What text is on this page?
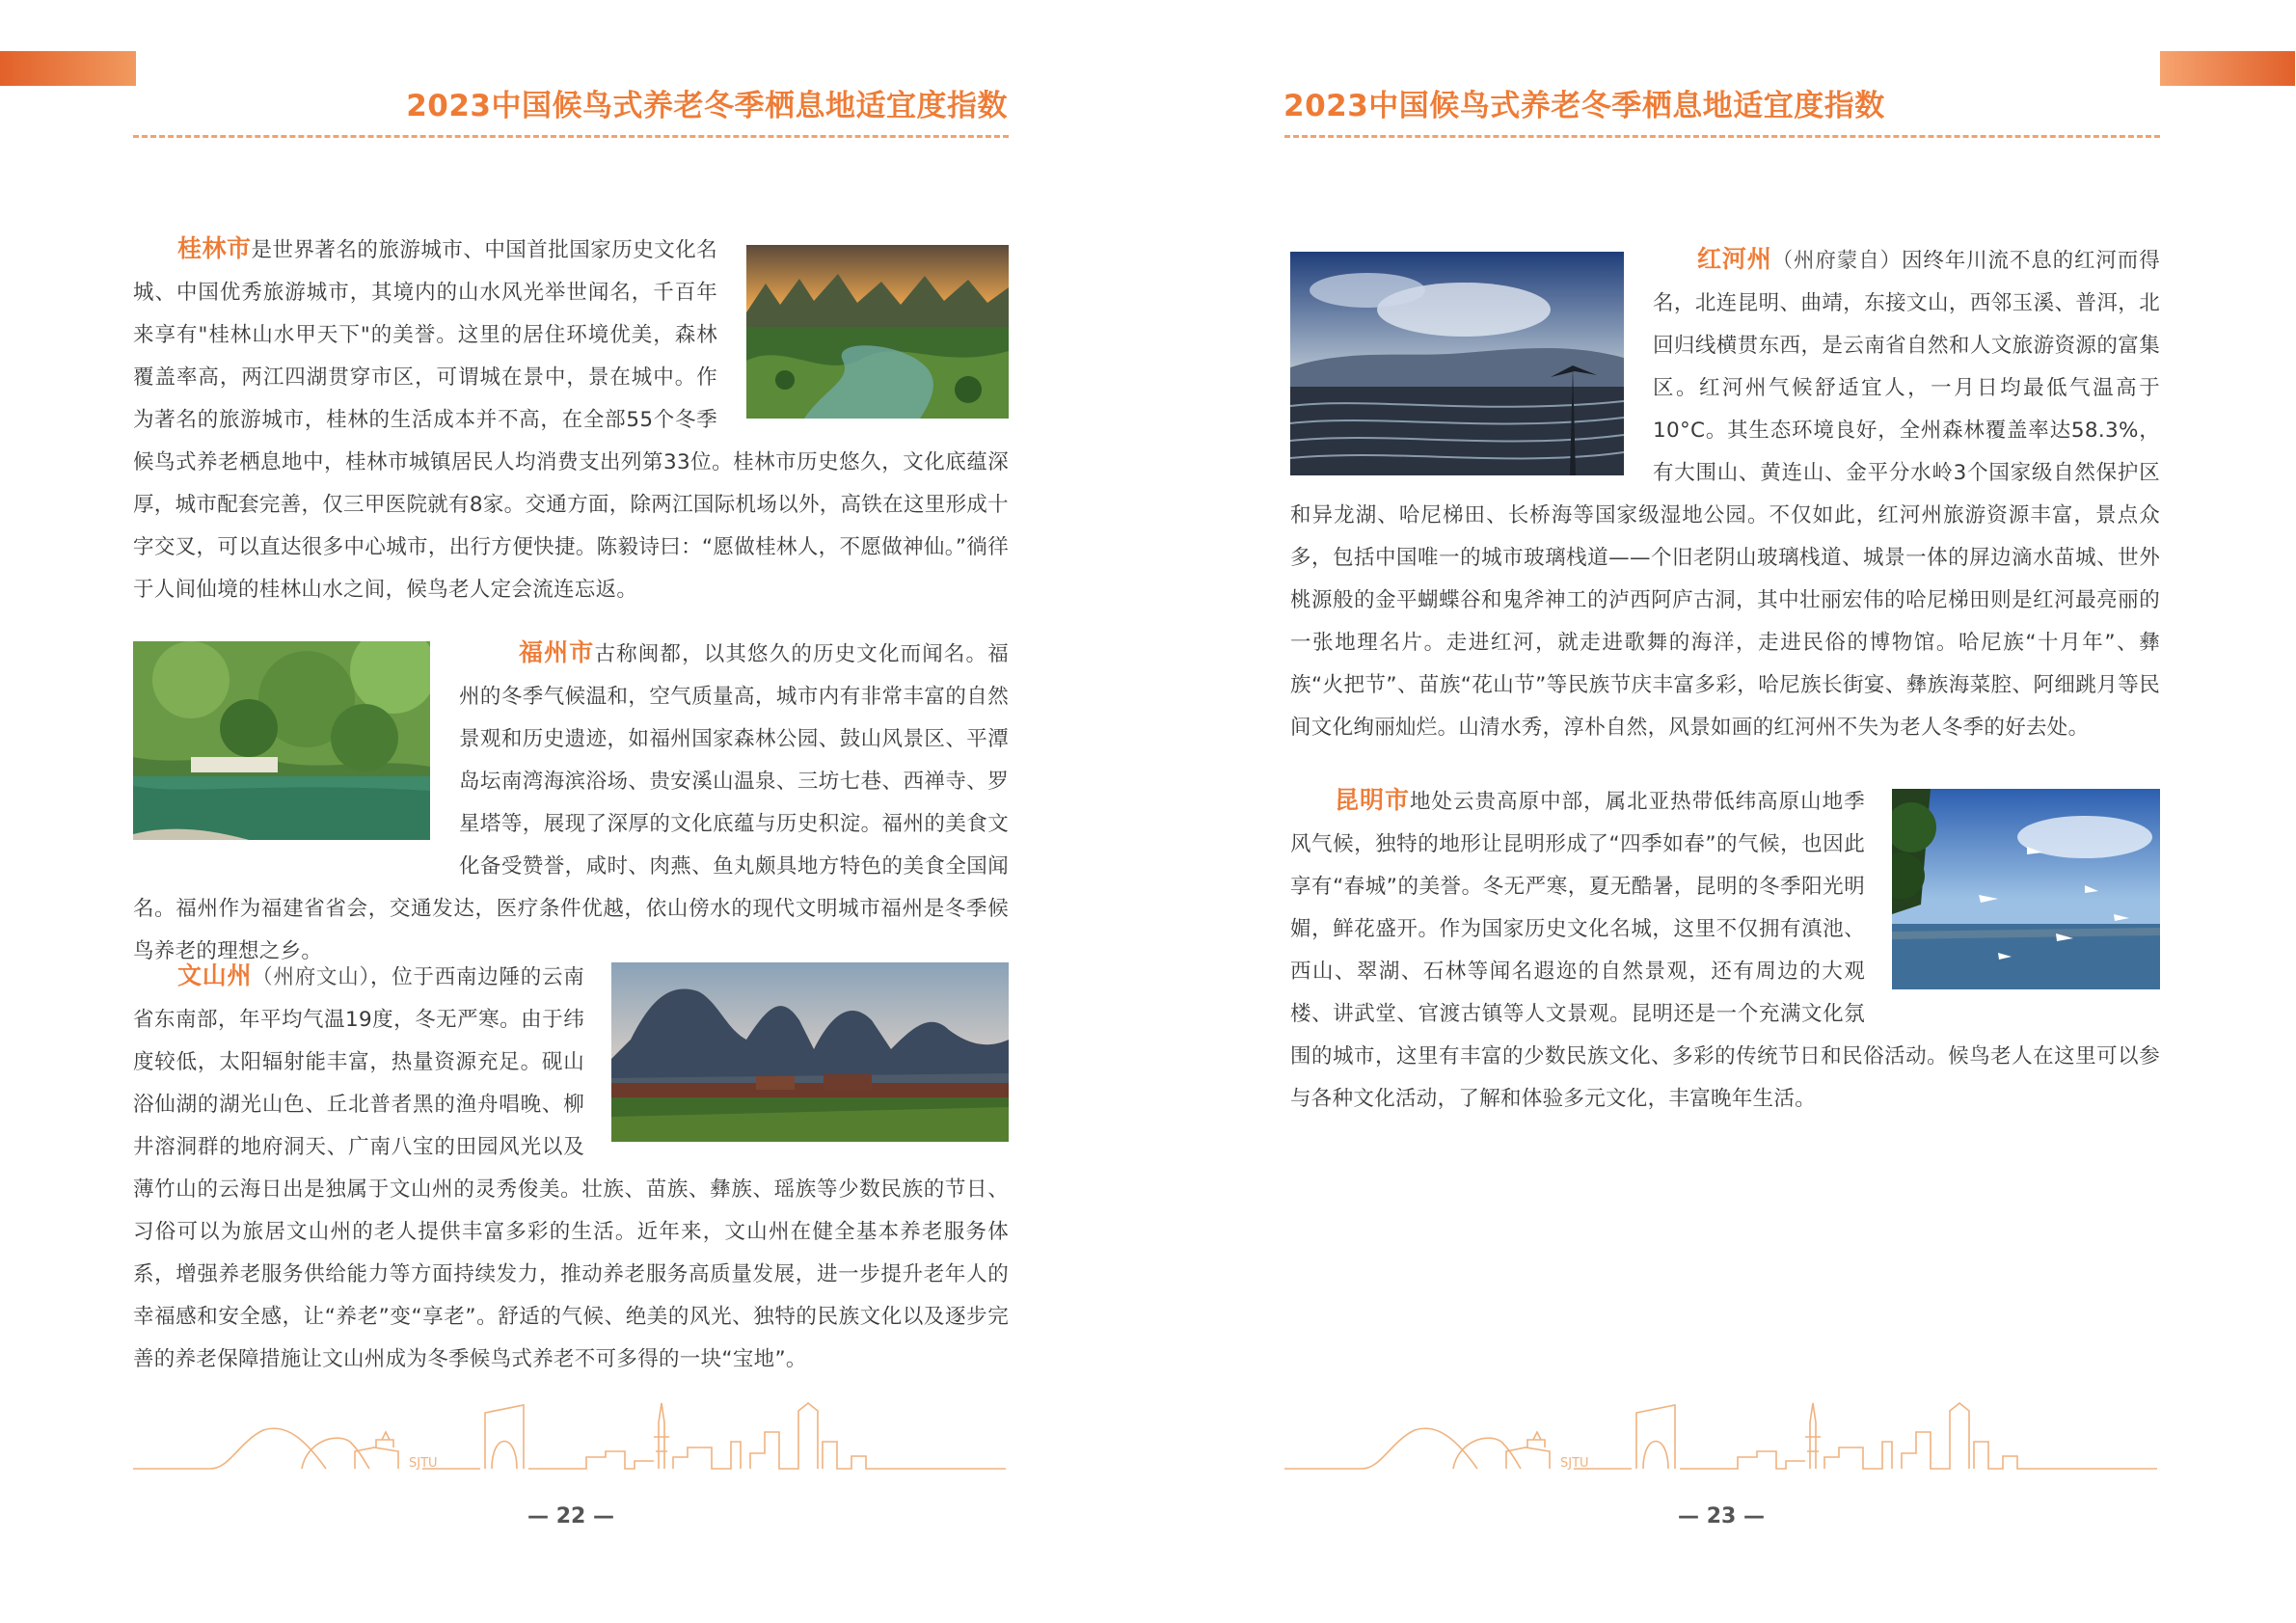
2023中国候鸟式养老冬季栖息地适宜度指数
桂林市是世界著名的旅游城市、中国首批国家历史文化名城、中国优秀旅游城市，其境内的山水风光举世闻名，千百年来享有"桂林山水甲天下"的美誉。这里的居住环境优美，森林覆盖率高，两江四湖贯穿市区，可谓城在景中，景在城中。作为著名的旅游城市，桂林的生活成本并不高，在全部55个冬季候鸟式养老栖息地中，桂林市城镇居民人均消费支出列第33位。桂林市历史悠久，文化底蕴深厚，城市配套完善，仅三甲医院就有8家。交通方面，除两江国际机场以外，高铁在这里形成十字交叉，可以直达很多中心城市，出行方便快捷。陈毅诗曰：“愿做桂林人，不愿做神仙。”徜徉于人间仙境的桂林山水之间，候鸟老人定会流连忘返。
福州市古称闽都，以其悠久的历史文化而闻名。福州的冬季气候温和，空气质量高，城市内有非常丰富的自然景观和历史遗迹，如福州国家森林公园、鼓山风景区、平潭岛坛南湾海滨浴场、贵安溪山温泉、三坊七巷、西禅寺、罗星塔等，展现了深厚的文化底蕴与历史积淀。福州的美食文化备受赞誉，咸时、肉燕、鱼丸颇具地方特色的美食全国闻名。福州作为福建省省会，交通发达，医疗条件优越，依山傍水的现代文明城市福州是冬季候鸟养老的理想之乡。
文山州（州府文山），位于西南边陲的云南省东南部，年平均气温19度，冬无严寒。由于纬度较低，太阳辐射能丰富，热量资源充足。砚山浴仙湖的湖光山色、丘北普者黑的渔舟唱晚、柳井溶洞群的地府洞天、广南八宝的田园风光以及薄竹山的云海日出是独属于文山州的灵秀俊美。壮族、苗族、彝族、瑶族等少数民族的节日、习俗可以为旅居文山州的老人提供丰富多彩的生活。近年来，文山州在健全基本养老服务体系，增强养老服务供给能力等方面持续发力，推动养老服务高质量发展，进一步提升老年人的幸福感和安全感，让“养老”变“享老”。舒适的气候、绝美的风光、独特的民族文化以及逐步完善的养老保障措施让文山州成为冬季候鸟式养老不可多得的一块“宝地”。
SJTU
— 22 —
2023中国候鸟式养老冬季栖息地适宜度指数
红河州（州府蒙自）因终年川流不息的红河而得名，北连昆明、曲靖，东接文山，西邻玉溪、普洱，北回归线横贯东西，是云南省自然和人文旅游资源的富集区。红河州气候舒适宜人，一月日均最低气温高于10°C。其生态环境良好，全州森林覆盖率达58.3%，有大围山、黄连山、金平分水岭3个国家级自然保护区和异龙湖、哈尼梯田、长桥海等国家级湿地公园。不仅如此，红河州旅游资源丰富，景点众多，包括中国唯一的城市玻璃栈道——个旧老阴山玻璃栈道、城景一体的屏边滴水苗城、世外桃源般的金平蝴蝶谷和鬼斧神工的泸西阿庐古洞，其中壮丽宏伟的哈尼梯田则是红河最亮丽的一张地理名片。走进红河，就走进歌舞的海洋，走进民俗的博物馆。哈尼族“十月年”、彝族“火把节”、苗族“花山节”等民族节庆丰富多彩，哈尼族长街宴、彝族海菜腔、阿细跳月等民间文化绚丽灿烂。山清水秀，淳朴自然，风景如画的红河州不失为老人冬季的好去处。
昆明市地处云贵高原中部，属北亚热带低纬高原山地季风气候，独特的地形让昆明形成了“四季如春”的气候，也因此享有“春城”的美誉。冬无严寒，夏无酷暑，昆明的冬季阳光明媚，鲜花盛开。作为国家历史文化名城，这里不仅拥有滇池、西山、翠湖、石林等闻名遐迩的自然景观，还有周边的大观楼、讲武堂、官渡古镇等人文景观。昆明还是一个充满文化氛围的城市，这里有丰富的少数民族文化、多彩的传统节日和民俗活动。候鸟老人在这里可以参与各种文化活动，了解和体验多元文化，丰富晚年生活。
SJTU
— 23 —
